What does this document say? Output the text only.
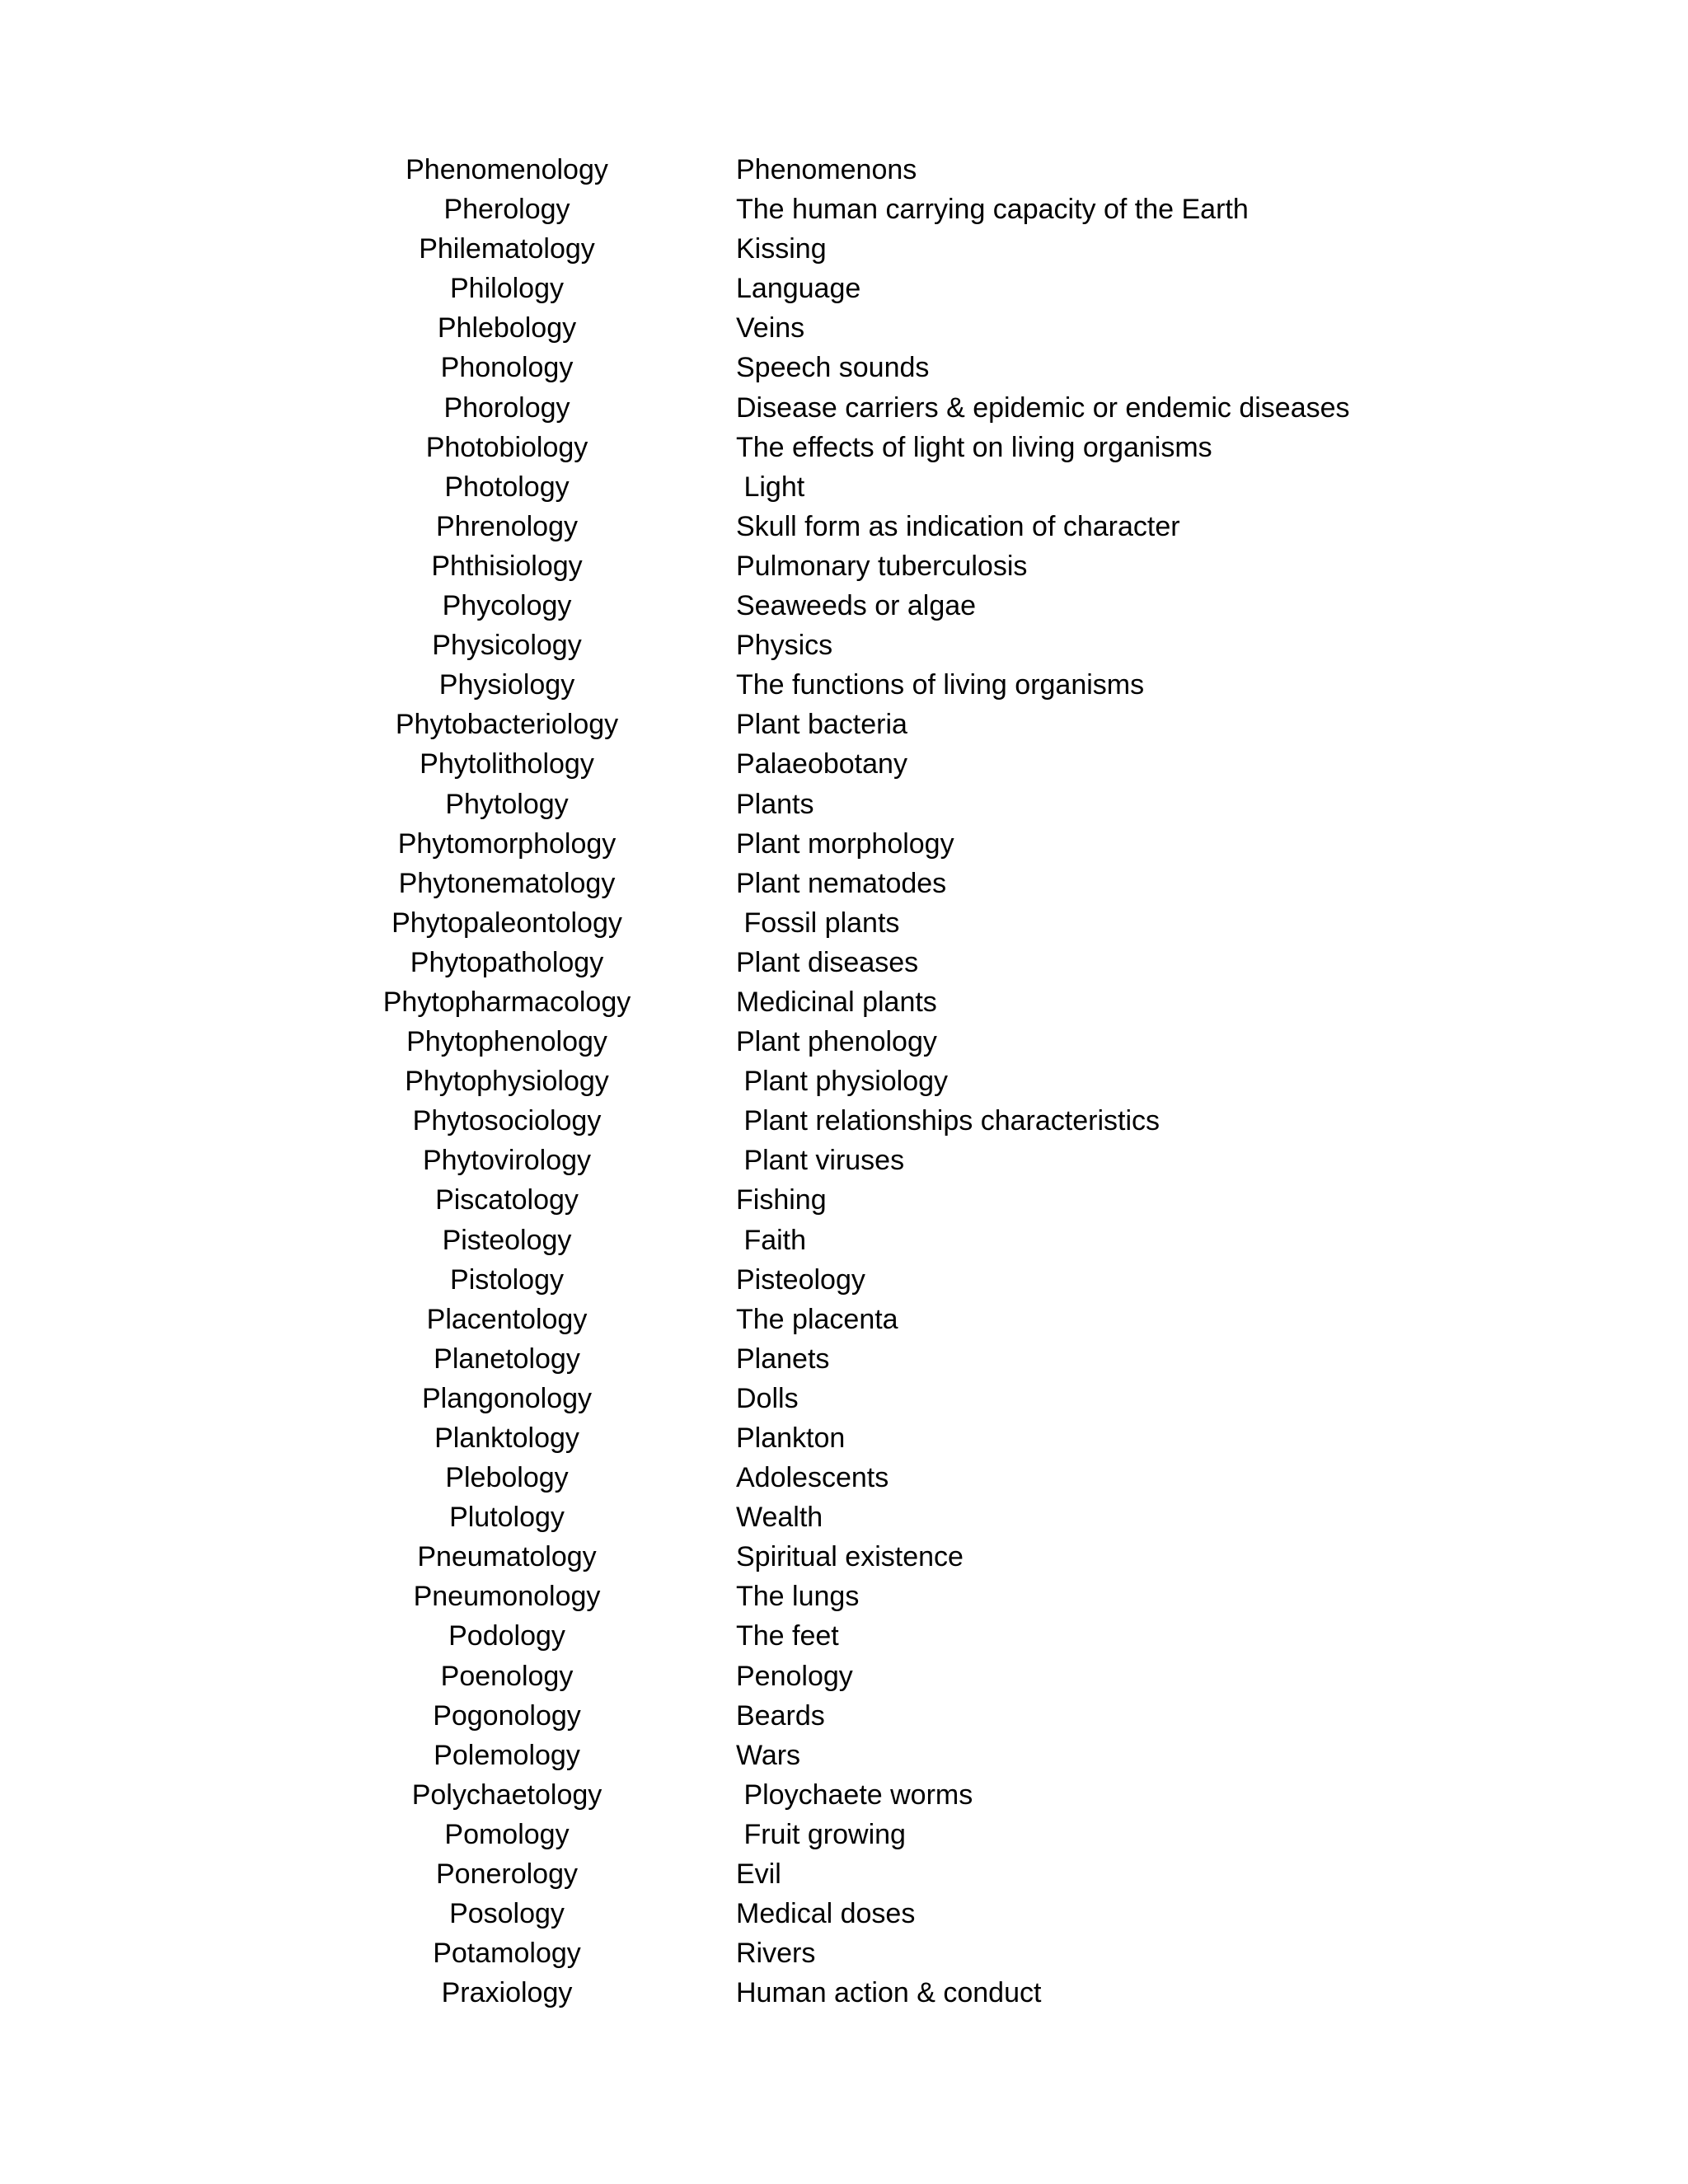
Phenomenology	Phenomenons
Pherology	The human carrying capacity of the Earth
Philematology	Kissing
Philology	Language
Phlebology	Veins
Phonology	Speech sounds
Phorology	Disease carriers & epidemic or endemic diseases
Photobiology	The effects of light on living organisms
Photology	Light
Phrenology	Skull form as indication of character
Phthisiology	Pulmonary tuberculosis
Phycology	Seaweeds or algae
Physicology	Physics
Physiology	The functions of living organisms
Phytobacteriology	Plant bacteria
Phytolithology	Palaeobotany
Phytology	Plants
Phytomorphology	Plant morphology
Phytonematology	Plant nematodes
Phytopaleontology	Fossil plants
Phytopathology	Plant diseases
Phytopharmacology	Medicinal plants
Phytophenology	Plant phenology
Phytophysiology	Plant physiology
Phytosociology	Plant relationships characteristics
Phytovirology	Plant viruses
Piscatology	Fishing
Pisteology	Faith
Pistology	Pisteology
Placentology	The placenta
Planetology	Planets
Plangonology	Dolls
Planktology	Plankton
Plebology	Adolescents
Plutology	Wealth
Pneumatology	Spiritual existence
Pneumonology	The lungs
Podology	The feet
Poenology	Penology
Pogonology	Beards
Polemology	Wars
Polychaetology	Ploychaete worms
Pomology	Fruit growing
Ponerology	Evil
Posology	Medical doses
Potamology	Rivers
Praxiology	Human action & conduct
